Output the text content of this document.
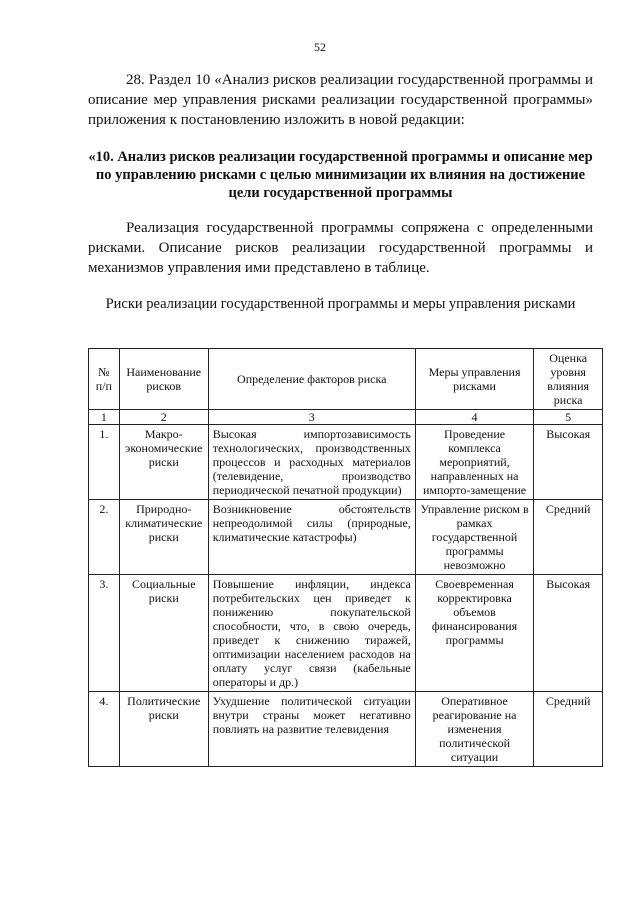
52
28. Раздел 10 «Анализ рисков реализации государственной программы и описание мер управления рисками реализации государственной программы» приложения к постановлению изложить в новой редакции:
«10. Анализ рисков реализации государственной программы и описание мер по управлению рисками с целью минимизации их влияния на достижение цели государственной программы
Реализация государственной программы сопряжена с определенными рисками. Описание рисков реализации государственной программы и механизмов управления ими представлено в таблице.
Риски реализации государственной программы и меры управления рисками
№ п/п	Наименование рисков	Определение факторов риска	Меры управления рисками	Оценка уровня влияния риска
1	2	3	4	5
1.	Макро-экономические риски	Высокая импортозависимость технологических, производственных процессов и расходных материалов (телевидение, производство периодической печатной продукции)	Проведение комплекса мероприятий, направленных на импорто-замещение	Высокая
2.	Природно-климатические риски	Возникновение обстоятельств непреодолимой силы (природные, климатические катастрофы)	Управление риском в рамках государственной программы невозможно	Средний
3.	Социальные риски	Повышение инфляции, индекса потребительских цен приведет к понижению покупательской способности, что, в свою очередь, приведет к снижению тиражей, оптимизации населением расходов на оплату услуг связи (кабельные операторы и др.)	Своевременная корректировка объемов финансирования программы	Высокая
4.	Политические риски	Ухудшение политической ситуации внутри страны может негативно повлиять на развитие телевидения	Оперативное реагирование на изменения политической ситуации	Средний
